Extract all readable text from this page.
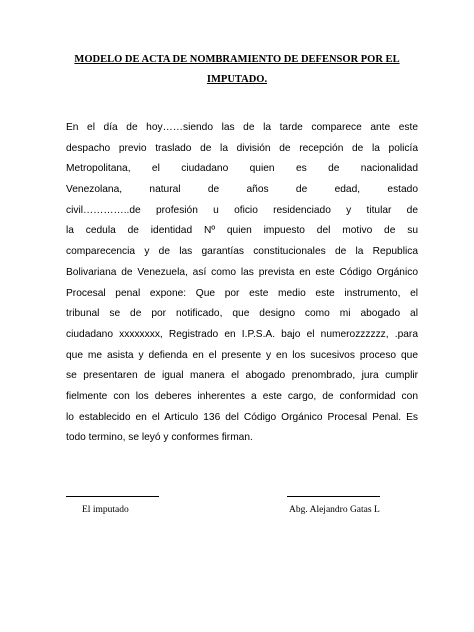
MODELO DE ACTA DE NOMBRAMIENTO DE DEFENSOR POR EL
IMPUTADO.
En el día de hoy……siendo las de la tarde comparece ante este
despacho previo traslado de la división de recepción de la policía
Metropolitana, el ciudadano quien es de nacionalidad
Venezolana, natural de años de edad, estado
civil…………..de profesión u oficio residenciado y titular de
la cedula de identidad Nº quien impuesto del motivo de su
comparecencia y de las garantías constitucionales de la Republica
Bolivariana de Venezuela, así como las prevista en este Código Orgánico
Procesal penal expone: Que por este medio este instrumento, el
tribunal se de por notificado, que designo como mi abogado al
ciudadano xxxxxxxx, Registrado en I.P.S.A. bajo el numerozzzzzz, .para
que me asista y defienda en el presente y en los sucesivos proceso que
se presentaren de igual manera el abogado prenombrado, jura cumplir
fielmente con los deberes inherentes a este cargo, de conformidad con
lo establecido en el Articulo 136 del Código Orgánico Procesal Penal. Es
todo termino, se leyó y conformes firman.
El imputado	Abg. Alejandro Gatas L
